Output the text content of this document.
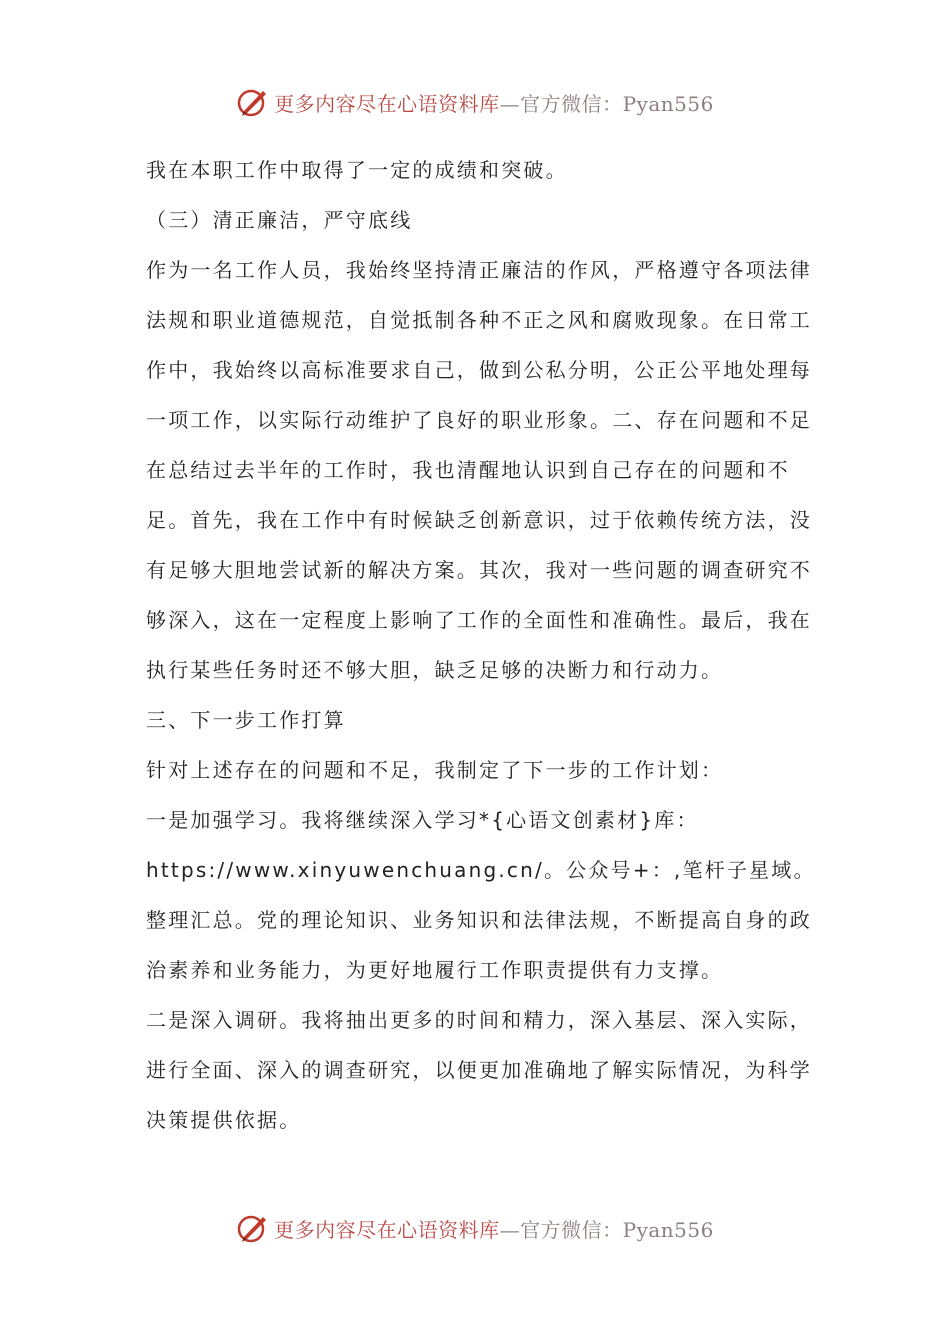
更多内容尽在心语资料库—官方微信：Pyan556

我在本职工作中取得了一定的成绩和突破。

（三）清正廉洁，严守底线

作为一名工作人员，我始终坚持清正廉洁的作风，严格遵守各项法律法规和职业道德规范，自觉抵制各种不正之风和腐败现象。在日常工作中，我始终以高标准要求自己，做到公私分明，公正公平地处理每一项工作，以实际行动维护了良好的职业形象。二、存在问题和不足

在总结过去半年的工作时，我也清醒地认识到自己存在的问题和不足。首先，我在工作中有时候缺乏创新意识，过于依赖传统方法，没有足够大胆地尝试新的解决方案。其次，我对一些问题的调查研究不够深入，这在一定程度上影响了工作的全面性和准确性。最后，我在执行某些任务时还不够大胆，缺乏足够的决断力和行动力。

三、下一步工作打算

针对上述存在的问题和不足，我制定了下一步的工作计划：

一是加强学习。我将继续深入学习*{心语文创素材}库：https://www.xinyuwenchuang.cn/。公众号+：,笔杆子星域。整理汇总。党的理论知识、业务知识和法律法规，不断提高自身的政治素养和业务能力，为更好地履行工作职责提供有力支撑。

二是深入调研。我将抽出更多的时间和精力，深入基层、深入实际，进行全面、深入的调查研究，以便更加准确地了解实际情况，为科学决策提供依据。

更多内容尽在心语资料库—官方微信：Pyan556
